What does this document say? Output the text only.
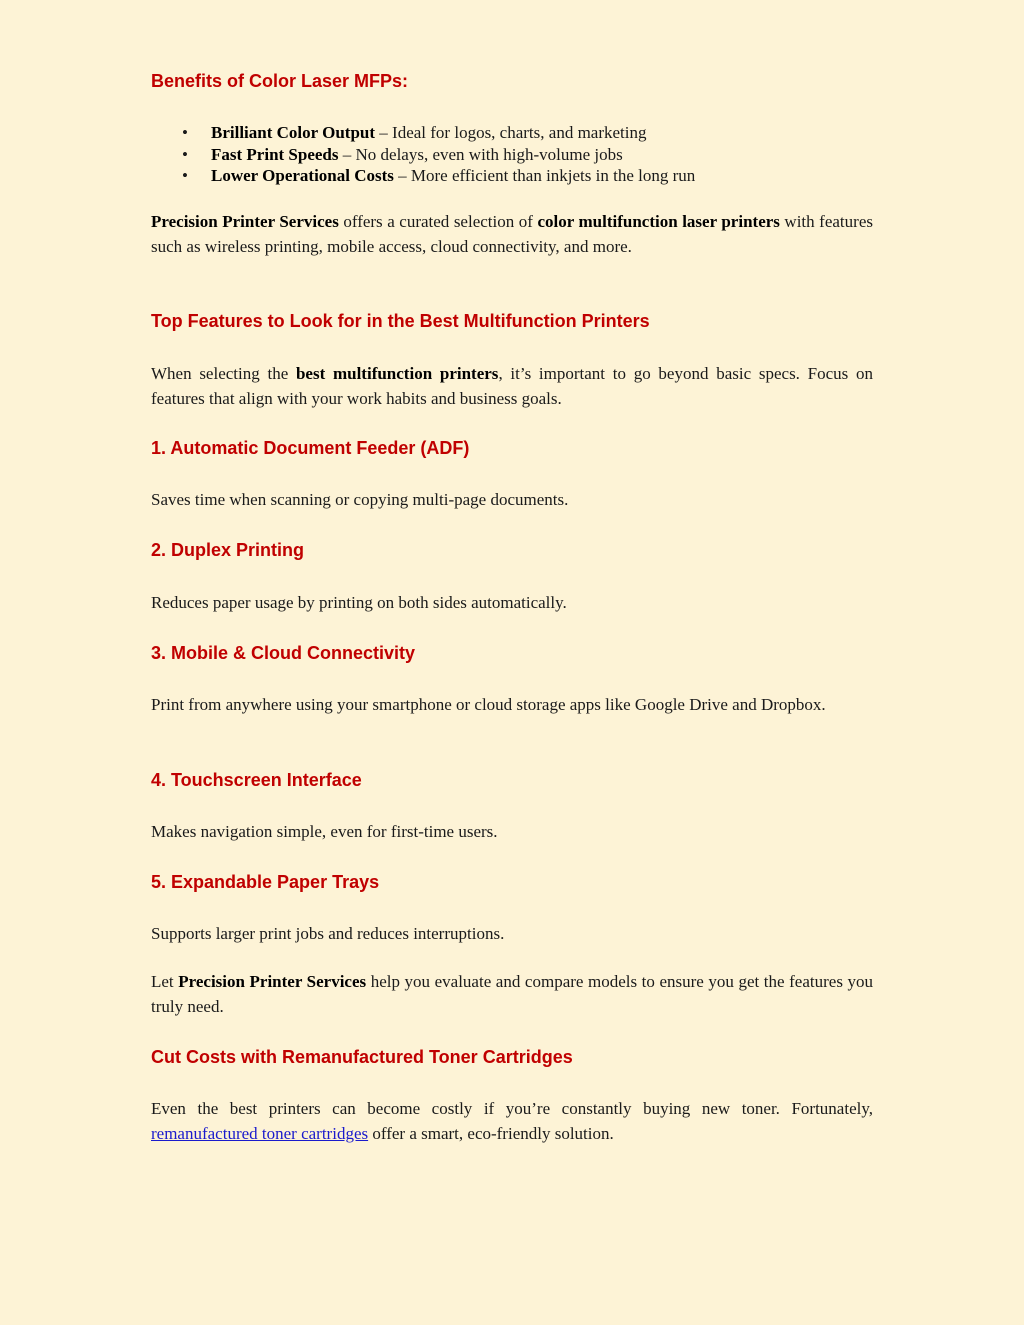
Benefits of Color Laser MFPs:
• Brilliant Color Output – Ideal for logos, charts, and marketing
• Fast Print Speeds – No delays, even with high-volume jobs
• Lower Operational Costs – More efficient than inkjets in the long run

Precision Printer Services offers a curated selection of color multifunction laser printers with features such as wireless printing, mobile access, cloud connectivity, and more.

Top Features to Look for in the Best Multifunction Printers

When selecting the best multifunction printers, it’s important to go beyond basic specs. Focus on features that align with your work habits and business goals.

1. Automatic Document Feeder (ADF)

Saves time when scanning or copying multi-page documents.

2. Duplex Printing

Reduces paper usage by printing on both sides automatically.

3. Mobile & Cloud Connectivity

Print from anywhere using your smartphone or cloud storage apps like Google Drive and Dropbox.

4. Touchscreen Interface

Makes navigation simple, even for first-time users.

5. Expandable Paper Trays

Supports larger print jobs and reduces interruptions.

Let Precision Printer Services help you evaluate and compare models to ensure you get the features you truly need.

Cut Costs with Remanufactured Toner Cartridges

Even the best printers can become costly if you’re constantly buying new toner. Fortunately, remanufactured toner cartridges offer a smart, eco-friendly solution.
